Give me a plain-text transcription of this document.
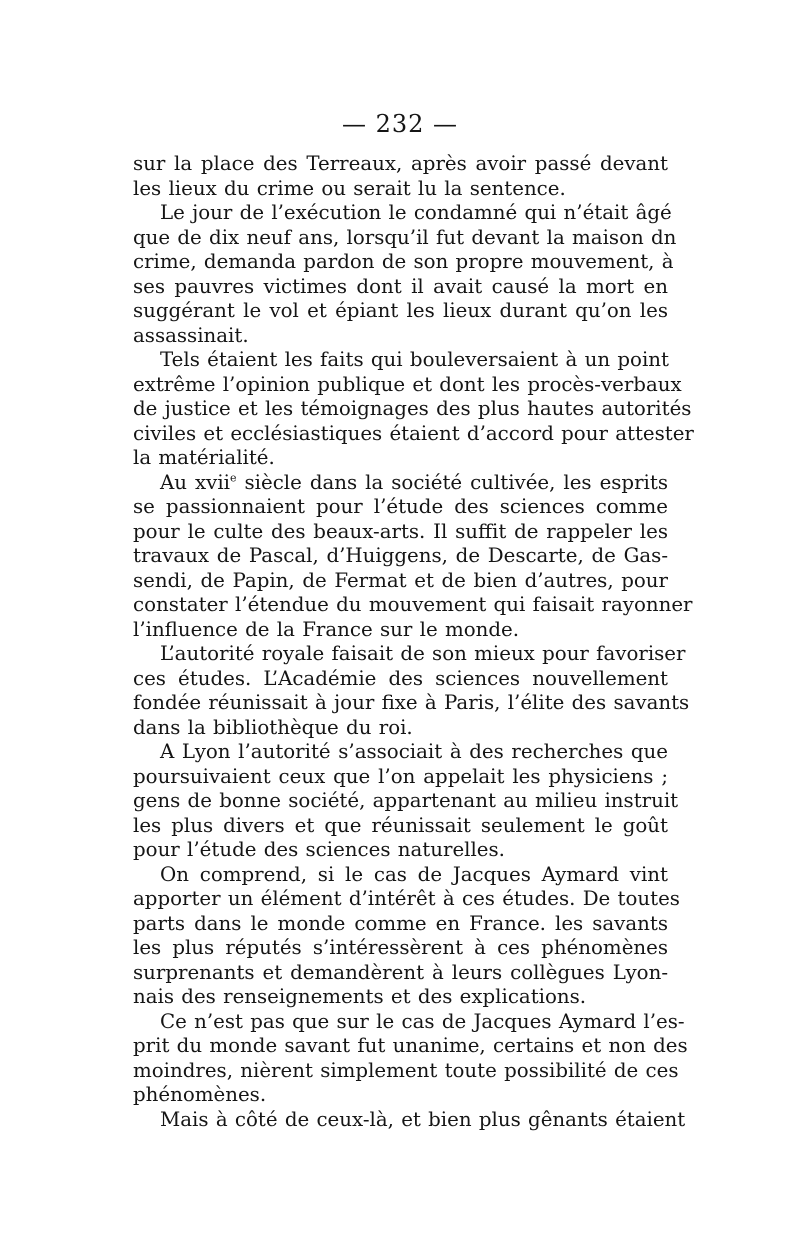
— 232 —
sur la place des Terreaux, après avoir passé devant
les lieux du crime ou serait lu la sentence.
Le jour de l’exécution le condamné qui n’était âgé
que de dix neuf ans, lorsqu’il fut devant la maison dn
crime, demanda pardon de son propre mouvement, à
ses pauvres victimes dont il avait causé la mort en
suggérant le vol et épiant les lieux durant qu’on les
assassinait.
Tels étaient les faits qui bouleversaient à un point
extrême l’opinion publique et dont les procès-verbaux
de justice et les témoignages des plus hautes autorités
civiles et ecclésiastiques étaient d’accord pour attester
la matérialité.
Au xvii$^e$ siècle dans la société cultivée, les esprits
se passionnaient pour l’étude des sciences comme
pour le culte des beaux-arts. Il suffit de rappeler les
travaux de Pascal, d’Huiggens, de Descarte, de Gas-
sendi, de Papin, de Fermat et de bien d’autres, pour
constater l’étendue du mouvement qui faisait rayonner
l’influence de la France sur le monde.
L’autorité royale faisait de son mieux pour favoriser
ces études. L’Académie des sciences nouvellement
fondée réunissait à jour fixe à Paris, l’élite des savants
dans la bibliothèque du roi.
A Lyon l’autorité s’associait à des recherches que
poursuivaient ceux que l’on appelait les physiciens ;
gens de bonne société, appartenant au milieu instruit
les plus divers et que réunissait seulement le goût
pour l’étude des sciences naturelles.
On comprend, si le cas de Jacques Aymard vint
apporter un élément d’intérêt à ces études. De toutes
parts dans le monde comme en France. les savants
les plus réputés s’intéressèrent à ces phénomènes
surprenants et demandèrent à leurs collègues Lyon-
nais des renseignements et des explications.
Ce n’est pas que sur le cas de Jacques Aymard l’es-
prit du monde savant fut unanime, certains et non des
moindres, nièrent simplement toute possibilité de ces
phénomènes.
Mais à côté de ceux-là, et bien plus gênants étaient
